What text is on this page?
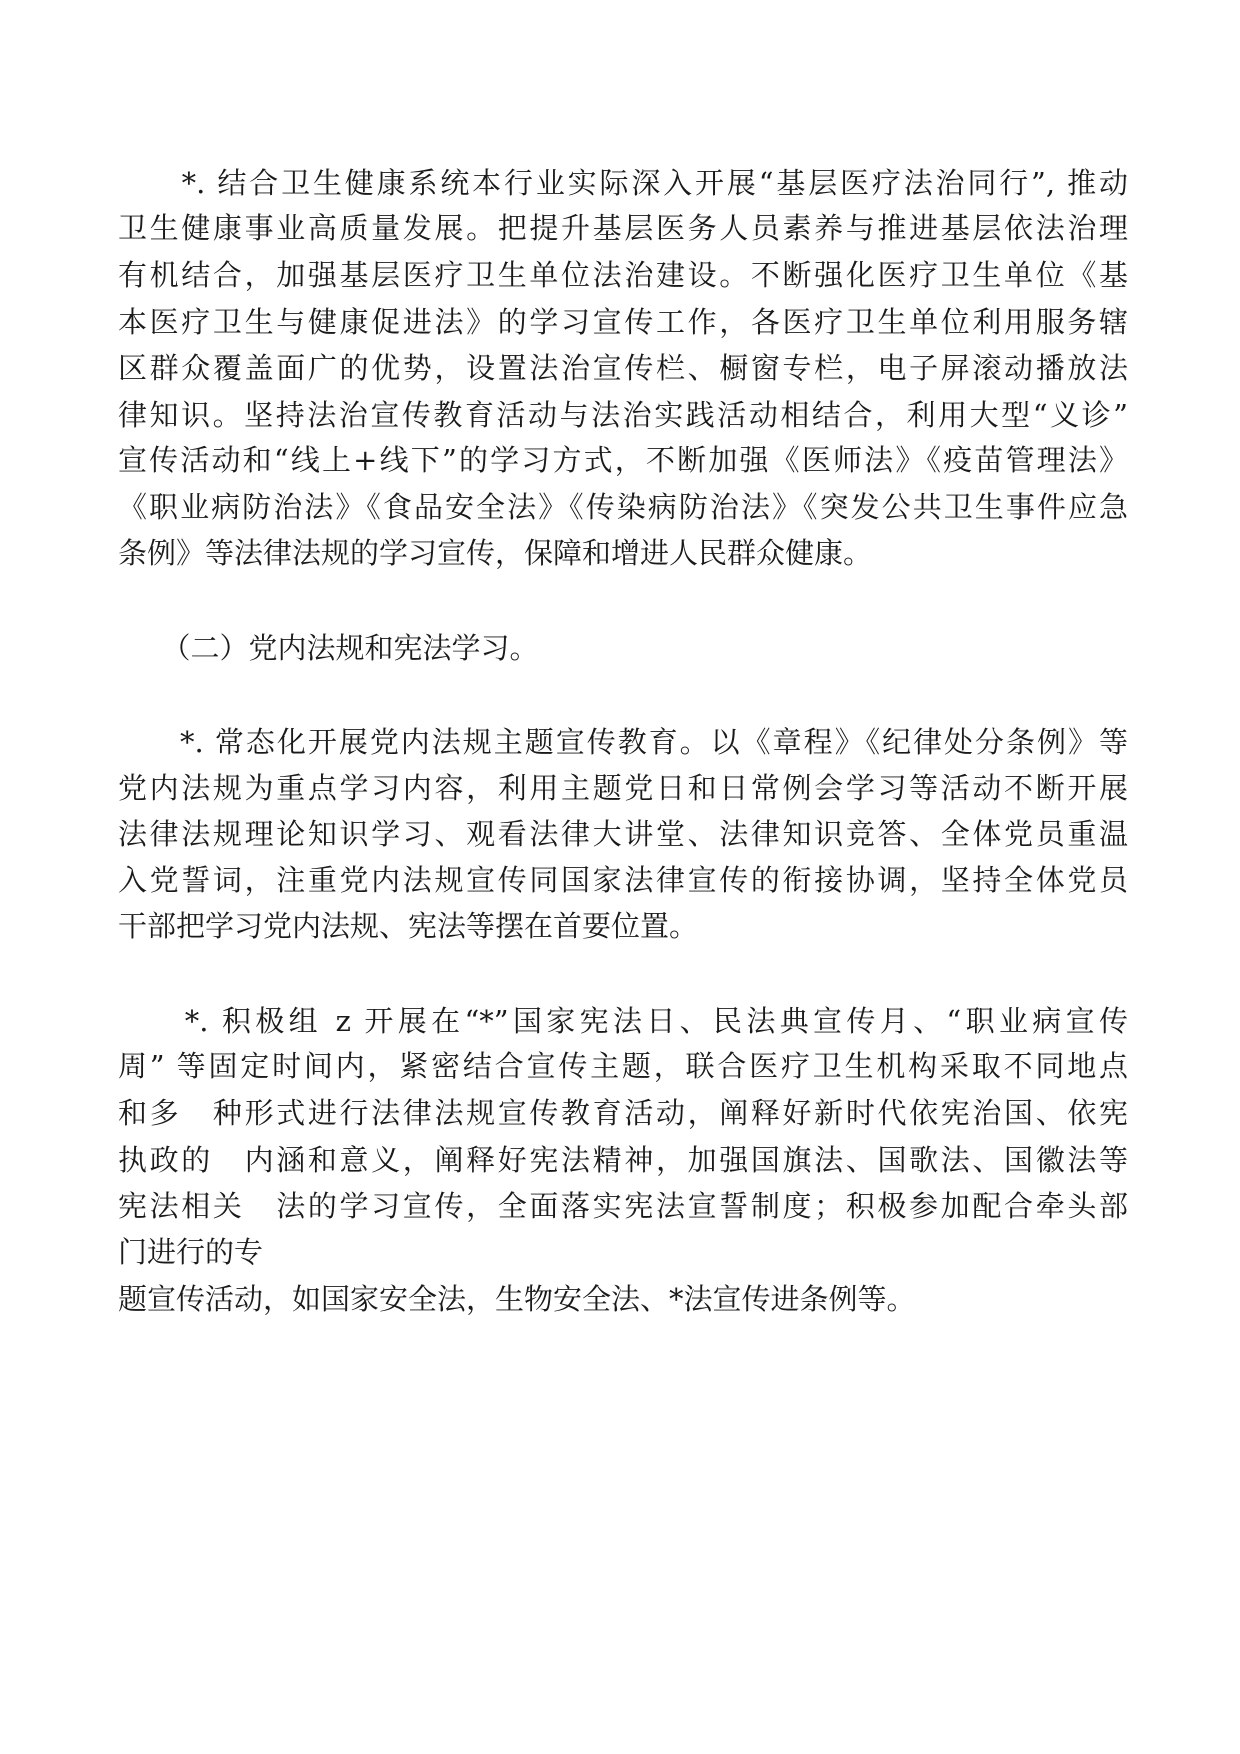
　　*. 结合卫生健康系统本行业实际深入开展“基层医疗法治同行”, 推动
卫生健康事业高质量发展。把提升基层医务人员素养与推进基层依法治理
有机结合，加强基层医疗卫生单位法治建设。不断强化医疗卫生单位《基
本医疗卫生与健康促进法》的学习宣传工作，各医疗卫生单位利用服务辖
区群众覆盖面广的优势，设置法治宣传栏、橱窗专栏，电子屏滚动播放法
律知识。坚持法治宣传教育活动与法治实践活动相结合，利用大型“义诊”
宣传活动和“线上+线下”的学习方式，不断加强《医师法》《疫苗管理法》
《职业病防治法》《食品安全法》《传染病防治法》《突发公共卫生事件应急
条例》等法律法规的学习宣传，保障和增进人民群众健康。
　　（二）党内法规和宪法学习。
　　*. 常态化开展党内法规主题宣传教育。以《章程》《纪律处分条例》等
党内法规为重点学习内容，利用主题党日和日常例会学习等活动不断开展
法律法规理论知识学习、观看法律大讲堂、法律知识竞答、全体党员重温
入党誓词，注重党内法规宣传同国家法律宣传的衔接协调，坚持全体党员
干部把学习党内法规、宪法等摆在首要位置。
　　*. 积极组 z 开展在“*”国家宪法日、民法典宣传月、“职业病宣传
周” 等固定时间内，紧密结合宣传主题，联合医疗卫生机构采取不同地点
和多　种形式进行法律法规宣传教育活动，阐释好新时代依宪治国、依宪
执政的　内涵和意义，阐释好宪法精神，加强国旗法、国歌法、国徽法等
宪法相关　法的学习宣传，全面落实宪法宣誓制度；积极参加配合牵头部
门进行的专
题宣传活动，如国家安全法，生物安全法、*法宣传进条例等。
